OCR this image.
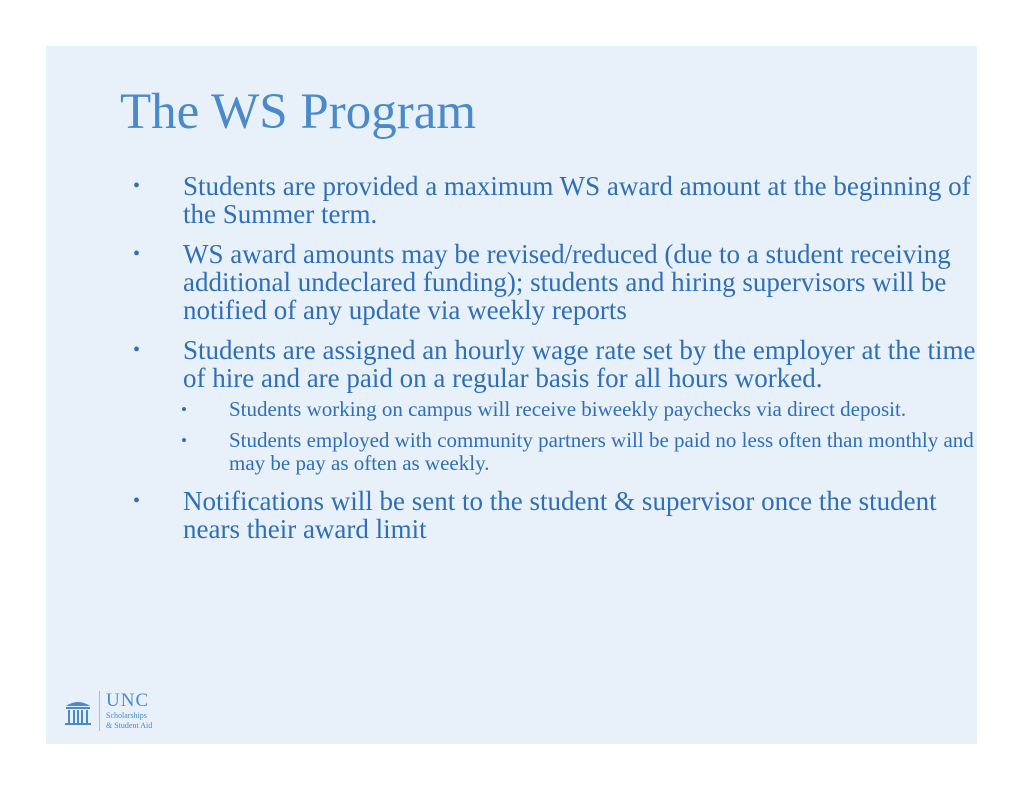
The WS Program
• Students are provided a maximum WS award amount at the beginning of the Summer term.
• WS award amounts may be revised/reduced (due to a student receiving additional undeclared funding); students and hiring supervisors will be notified of any update via weekly reports
• Students are assigned an hourly wage rate set by the employer at the time of hire and are paid on a regular basis for all hours worked.
• Students working on campus will receive biweekly paychecks via direct deposit.
• Students employed with community partners will be paid no less often than monthly and may be pay as often as weekly.
• Notifications will be sent to the student & supervisor once the student nears their award limit
UNC
Scholarships
& Student Aid
